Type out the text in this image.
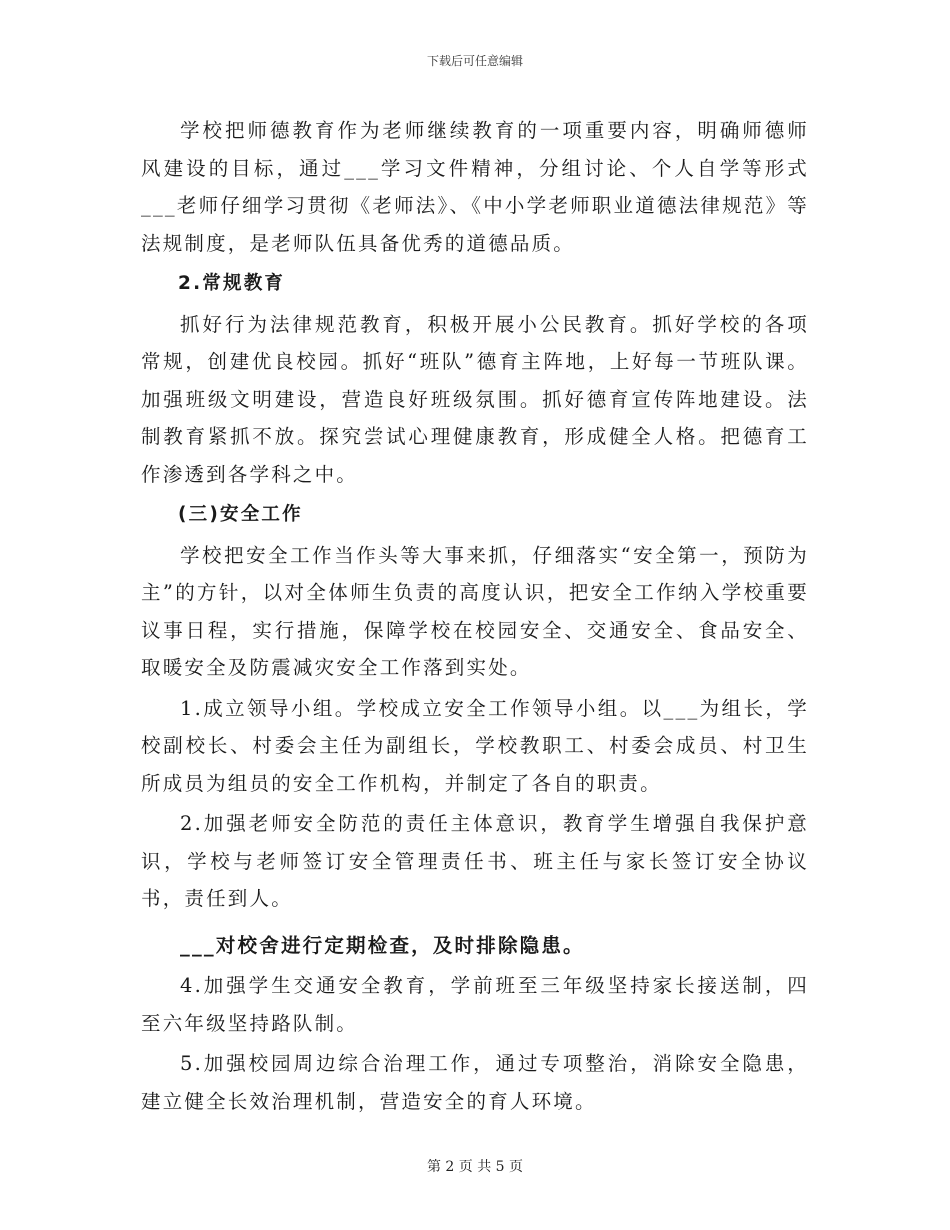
下载后可任意编辑

学校把师德教育作为老师继续教育的一项重要内容，明确师德师风建设的目标，通过___学习文件精神，分组讨论、个人自学等形式___老师仔细学习贯彻《老师法》、《中小学老师职业道德法律规范》等法规制度，是老师队伍具备优秀的道德品质。

2.常规教育

抓好行为法律规范教育，积极开展小公民教育。抓好学校的各项常规，创建优良校园。抓好“班队”德育主阵地，上好每一节班队课。加强班级文明建设，营造良好班级氛围。抓好德育宣传阵地建设。法制教育紧抓不放。探究尝试心理健康教育，形成健全人格。把德育工作渗透到各学科之中。

(三)安全工作

学校把安全工作当作头等大事来抓，仔细落实“安全第一，预防为主”的方针，以对全体师生负责的高度认识，把安全工作纳入学校重要议事日程，实行措施，保障学校在校园安全、交通安全、食品安全、取暖安全及防震减灾安全工作落到实处。

1.成立领导小组。学校成立安全工作领导小组。以___为组长，学校副校长、村委会主任为副组长，学校教职工、村委会成员、村卫生所成员为组员的安全工作机构，并制定了各自的职责。

2.加强老师安全防范的责任主体意识，教育学生增强自我保护意识，学校与老师签订安全管理责任书、班主任与家长签订安全协议书，责任到人。

___对校舍进行定期检查，及时排除隐患。

4.加强学生交通安全教育，学前班至三年级坚持家长接送制，四至六年级坚持路队制。

5.加强校园周边综合治理工作，通过专项整治，消除安全隐患，建立健全长效治理机制，营造安全的育人环境。

第 2 页 共 5 页
